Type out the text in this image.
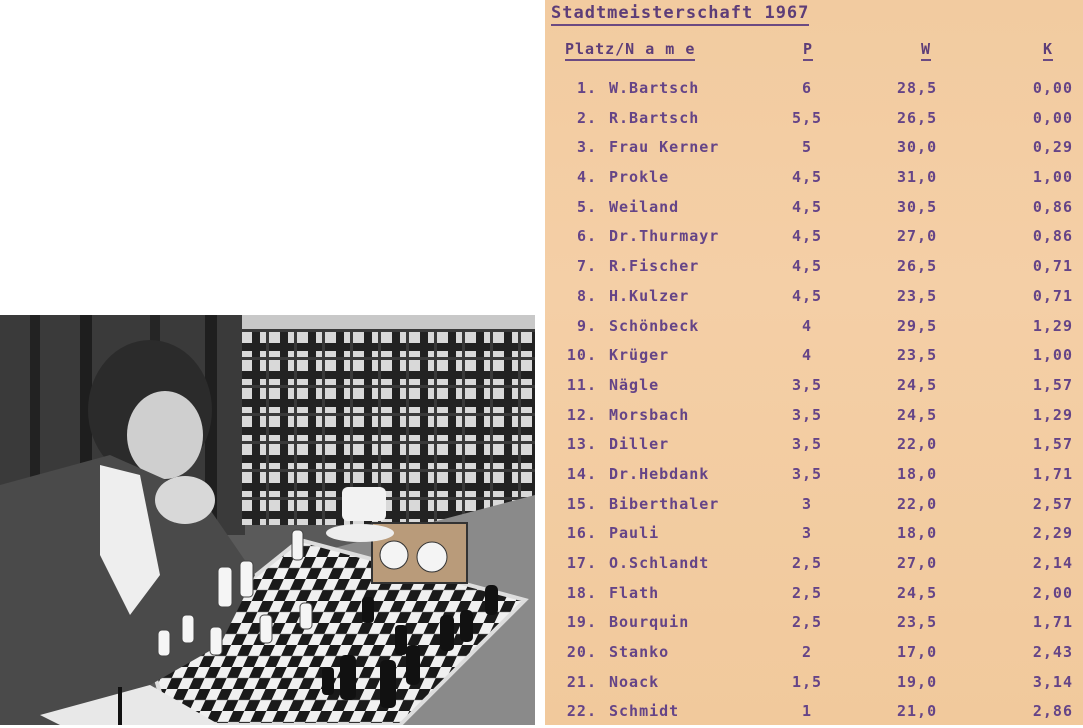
Stadtmeisterschaft 1967
Platz/N a m e	P	W	K
1. W.Bartsch	6	28,5	0,00
2. R.Bartsch	5,5	26,5	0,00
3. Frau Kerner	5	30,0	0,29
4. Prokle	4,5	31,0	1,00
5. Weiland	4,5	30,5	0,86
6. Dr.Thurmayr	4,5	27,0	0,86
7. R.Fischer	4,5	26,5	0,71
8. H.Kulzer	4,5	23,5	0,71
9. Schönbeck	4	29,5	1,29
10. Krüger	4	23,5	1,00
11. Nägle	3,5	24,5	1,57
12. Morsbach	3,5	24,5	1,29
13. Diller	3,5	22,0	1,57
14. Dr.Hebdank	3,5	18,0	1,71
15. Biberthaler	3	22,0	2,57
16. Pauli	3	18,0	2,29
17. O.Schlandt	2,5	27,0	2,14
18. Flath	2,5	24,5	2,00
19. Bourquin	2,5	23,5	1,71
20. Stanko	2	17,0	2,43
21. Noack	1,5	19,0	3,14
22. Schmidt	1	21,0	2,86
